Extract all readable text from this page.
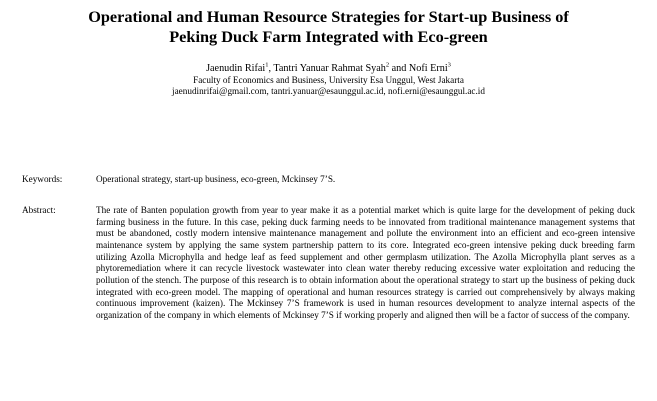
Operational and Human Resource Strategies for Start-up Business of
Peking Duck Farm Integrated with Eco-green
Jaenudin Rifai$^1$, Tantri Yanuar Rahmat Syah$^2$ and Nofi Erni$^3$
Faculty of Economics and Business, University Esa Unggul, West Jakarta
jaenudinrifai@gmail.com, tantri.yanuar@esaunggul.ac.id, nofi.erni@esaunggul.ac.id
Keywords:	Operational strategy, start-up business, eco-green, Mckinsey 7’S.
Abstract:	The rate of Banten population growth from year to year make it as a potential market which is quite large for the development of peking duck farming business in the future. In this case, peking duck farming needs to be innovated from traditional maintenance management systems that must be abandoned, costly modern intensive maintenance management and pollute the environment into an efficient and eco-green intensive maintenance system by applying the same system partnership pattern to its core. Integrated eco-green intensive peking duck breeding farm utilizing Azolla Microphylla and hedge leaf as feed supplement and other germplasm utilization. The Azolla Microphylla plant serves as a phytoremediation where it can recycle livestock wastewater into clean water thereby reducing excessive water exploitation and reducing the pollution of the stench. The purpose of this research is to obtain information about the operational strategy to start up the business of peking duck integrated with eco-green model. The mapping of operational and human resources strategy is carried out comprehensively by always making continuous improvement (kaizen). The Mckinsey 7’S framework is used in human resources development to analyze internal aspects of the organization of the company in which elements of Mckinsey 7’S if working properly and aligned then will be a factor of success of the company.
